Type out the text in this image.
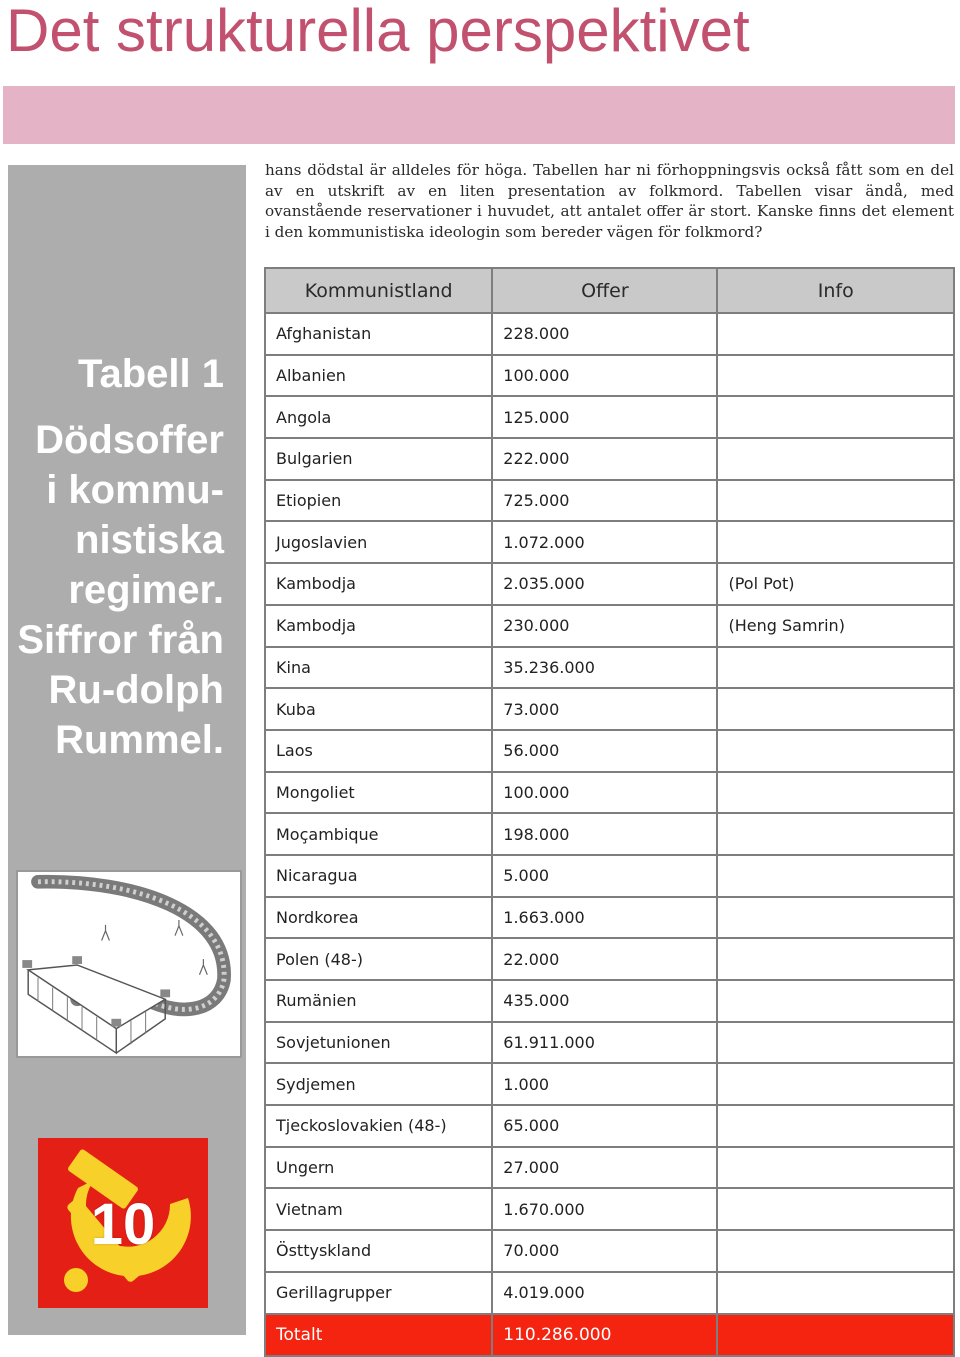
Det strukturella perspektivet
Tabell 1
Dödsoffer i kommu-nistiska regimer. Siffror från Ru-dolph Rummel.
10

hans dödstal är alldeles för höga. Tabellen har ni förhoppningsvis också fått som en del av en utskrift av en liten presentation av folkmord. Tabellen visar ändå, med ovanstående reservationer i huvudet, att antalet offer är stort. Kanske finns det element i den kommunistiska ideologin som bereder vägen för folkmord?

Kommunistland	Offer	Info
Afghanistan	228.000	
Albanien	100.000	
Angola	125.000	
Bulgarien	222.000	
Etiopien	725.000	
Jugoslavien	1.072.000	
Kambodja	2.035.000	(Pol Pot)
Kambodja	230.000	(Heng Samrin)
Kina	35.236.000	
Kuba	73.000	
Laos	56.000	
Mongoliet	100.000	
Moçambique	198.000	
Nicaragua	5.000	
Nordkorea	1.663.000	
Polen (48-)	22.000	
Rumänien	435.000	
Sovjetunionen	61.911.000	
Sydjemen	1.000	
Tjeckoslovakien (48-)	65.000	
Ungern	27.000	
Vietnam	1.670.000	
Östtyskland	70.000	
Gerillagrupper	4.019.000	
Totalt	110.286.000	
